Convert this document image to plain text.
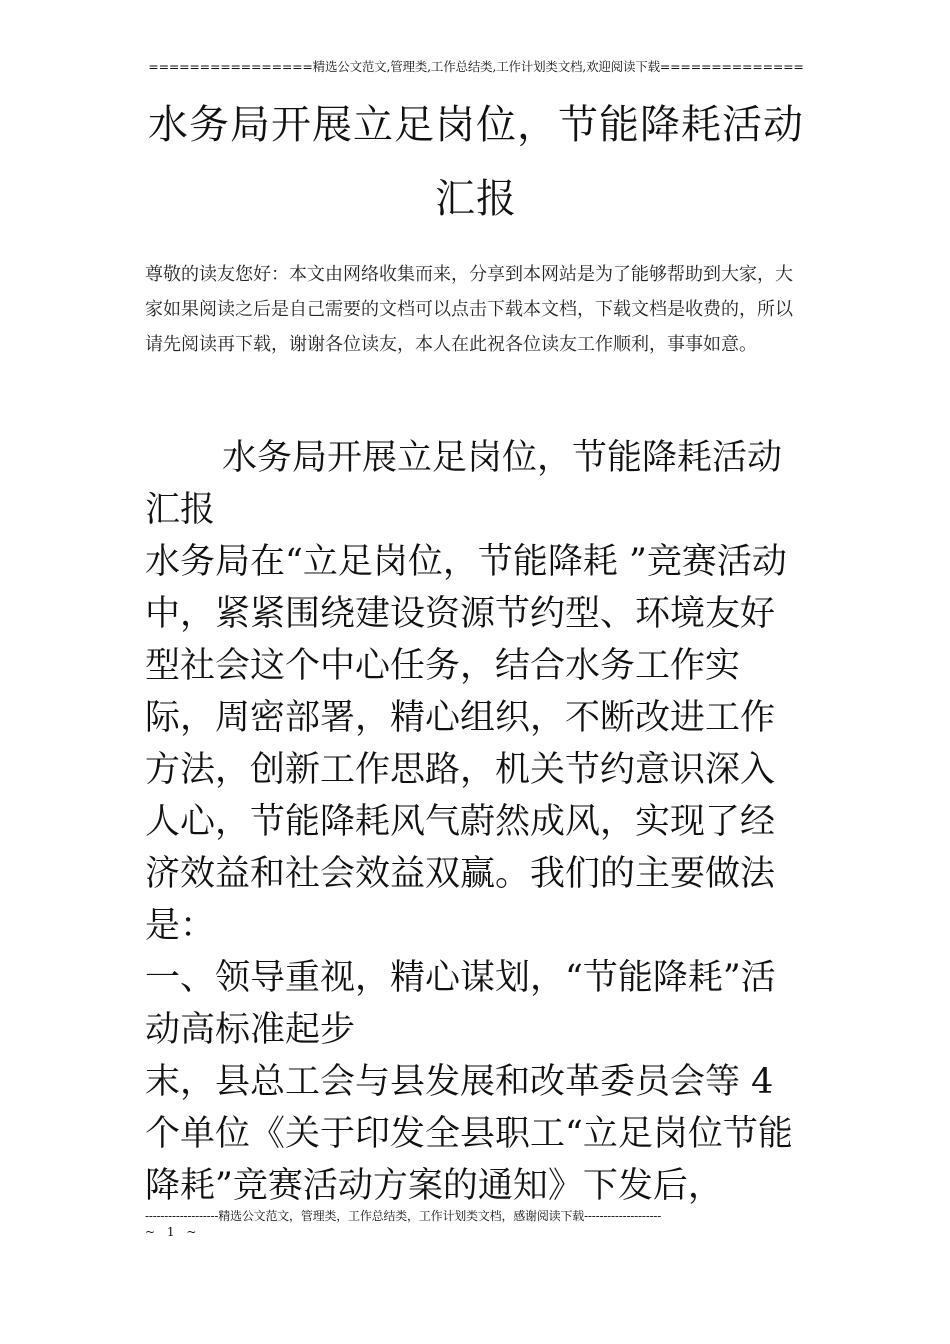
================精选公文范文,管理类,工作总结类,工作计划类文档,欢迎阅读下载==============
水务局开展立足岗位，节能降耗活动汇报

尊敬的读友您好：本文由网络收集而来，分享到本网站是为了能够帮助到大家，大家如果阅读之后是自己需要的文档可以点击下载本文档，下载文档是收费的，所以请先阅读再下载，谢谢各位读友，本人在此祝各位读友工作顺利，事事如意。

水务局开展立足岗位，节能降耗活动汇报

水务局在“立足岗位，节能降耗 ”竞赛活动中，紧紧围绕建设资源节约型、环境友好型社会这个中心任务，结合水务工作实际，周密部署，精心组织，不断改进工作方法，创新工作思路，机关节约意识深入人心，节能降耗风气蔚然成风，实现了经济效益和社会效益双赢。我们的主要做法是：

一、领导重视，精心谋划，“节能降耗”活动高标准起步

末，县总工会与县发展和改革委员会等 4 个单位《关于印发全县职工“立足岗位节能降耗”竞赛活动方案的通知》下发后，

-------------------精选公文范文，管理类，工作总结类，工作计划类文档，感谢阅读下载--------------------
~ 1 ~
